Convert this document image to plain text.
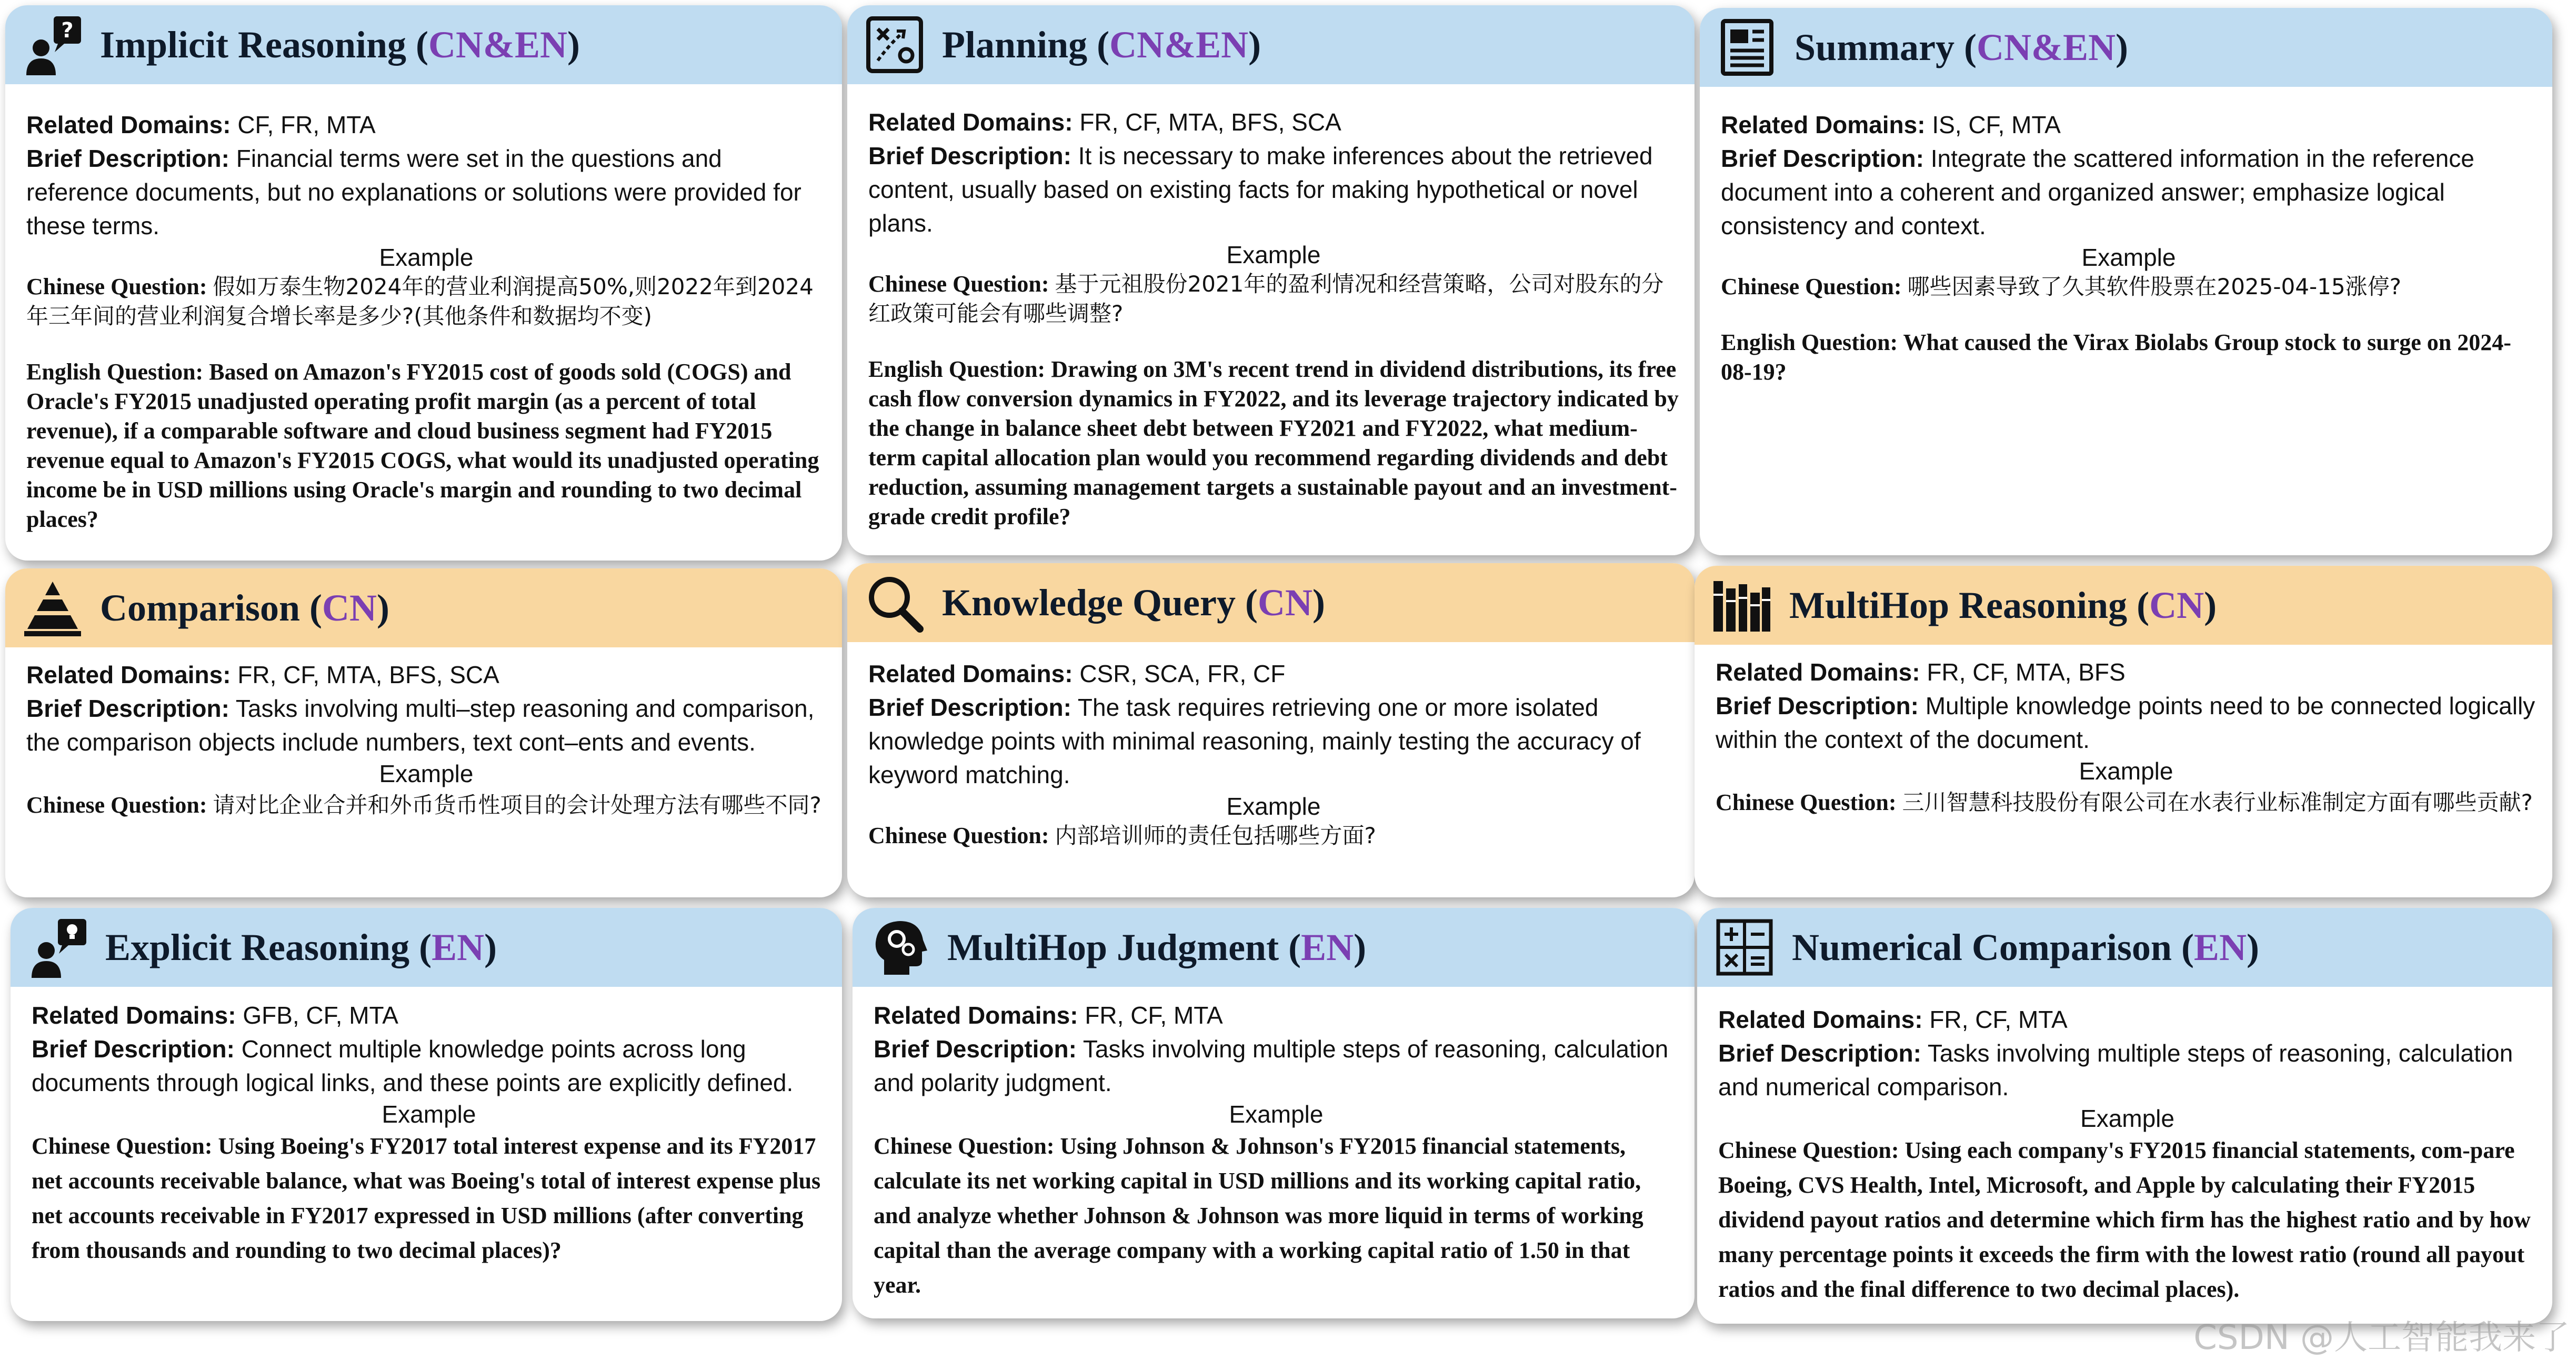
? Implicit Reasoning (CN&EN)
Related Domains: CF, FR, MTA
Brief Description: Financial terms were set in the questions and reference documents, but no explanations or solutions were provided for these terms.
Example
Chinese Question: 假如万泰生物2024年的营业利润提高50%,则2022年到2024年三年间的营业利润复合增长率是多少?(其他条件和数据均不变)
English Question: Based on Amazon's FY2015 cost of goods sold (COGS) and Oracle's FY2015 unadjusted operating profit margin (as a percent of total revenue), if a comparable software and cloud business segment had FY2015 revenue equal to Amazon's FY2015 COGS, what would its unadjusted operating income be in USD millions using Oracle's margin and rounding to two decimal places?
Planning (CN&EN)
Related Domains: FR, CF, MTA, BFS, SCA
Brief Description: It is necessary to make inferences about the retrieved content, usually based on existing facts for making hypothetical or novel plans.
Example
Chinese Question: 基于元祖股份2021年的盈利情况和经营策略，公司对股东的分红政策可能会有哪些调整?
English Question: Drawing on 3M's recent trend in dividend distributions, its free cash flow conversion dynamics in FY2022, and its leverage trajectory indicated by the change in balance sheet debt between FY2021 and FY2022, what medium-term capital allocation plan would you recommend regarding dividends and debt reduction, assuming management targets a sustainable payout and an investment-grade credit profile?
Summary (CN&EN)
Related Domains: IS, CF, MTA
Brief Description: Integrate the scattered information in the reference document into a coherent and organized answer; emphasize logical consistency and context.
Example
Chinese Question: 哪些因素导致了久其软件股票在2025-04-15涨停?
English Question: What caused the Virax Biolabs Group stock to surge on 2024-08-19?
Comparison (CN)
Related Domains: FR, CF, MTA, BFS, SCA
Brief Description: Tasks involving multi–step reasoning and comparison, the comparison objects include numbers, text cont–ents and events.
Example
Chinese Question: 请对比企业合并和外币货币性项目的会计处理方法有哪些不同?
Knowledge Query (CN)
Related Domains: CSR, SCA, FR, CF
Brief Description: The task requires retrieving one or more isolated knowledge points with minimal reasoning, mainly testing the accuracy of keyword matching.
Example
Chinese Question: 内部培训师的责任包括哪些方面?
MultiHop Reasoning (CN)
Related Domains: FR, CF, MTA, BFS
Brief Description: Multiple knowledge points need to be connected logically within the context of the document.
Example
Chinese Question: 三川智慧科技股份有限公司在水表行业标准制定方面有哪些贡献?
Explicit Reasoning (EN)
Related Domains: GFB, CF, MTA
Brief Description: Connect multiple knowledge points across long documents through logical links, and these points are explicitly defined.
Example
Chinese Question: Using Boeing's FY2017 total interest expense and its FY2017 net accounts receivable balance, what was Boeing's total of interest expense plus net accounts receivable in FY2017 expressed in USD millions (after converting from thousands and rounding to two decimal places)?
MultiHop Judgment (EN)
Related Domains: FR, CF, MTA
Brief Description: Tasks involving multiple steps of reasoning, calculation and polarity judgment.
Example
Chinese Question: Using Johnson & Johnson's FY2015 financial statements, calculate its net working capital in USD millions and its working capital ratio, and analyze whether Johnson & Johnson was more liquid in terms of working capital than the average company with a working capital ratio of 1.50 in that year.
Numerical Comparison (EN)
Related Domains: FR, CF, MTA
Brief Description: Tasks involving multiple steps of reasoning, calculation and numerical comparison.
Example
Chinese Question: Using each company's FY2015 financial statements, com-pare Boeing, CVS Health, Intel, Microsoft, and Apple by calculating their FY2015 dividend payout ratios and determine which firm has the highest ratio and by how many percentage points it exceeds the firm with the lowest ratio (round all payout ratios and the final difference to two decimal places).
CSDN @人工智能我来了
